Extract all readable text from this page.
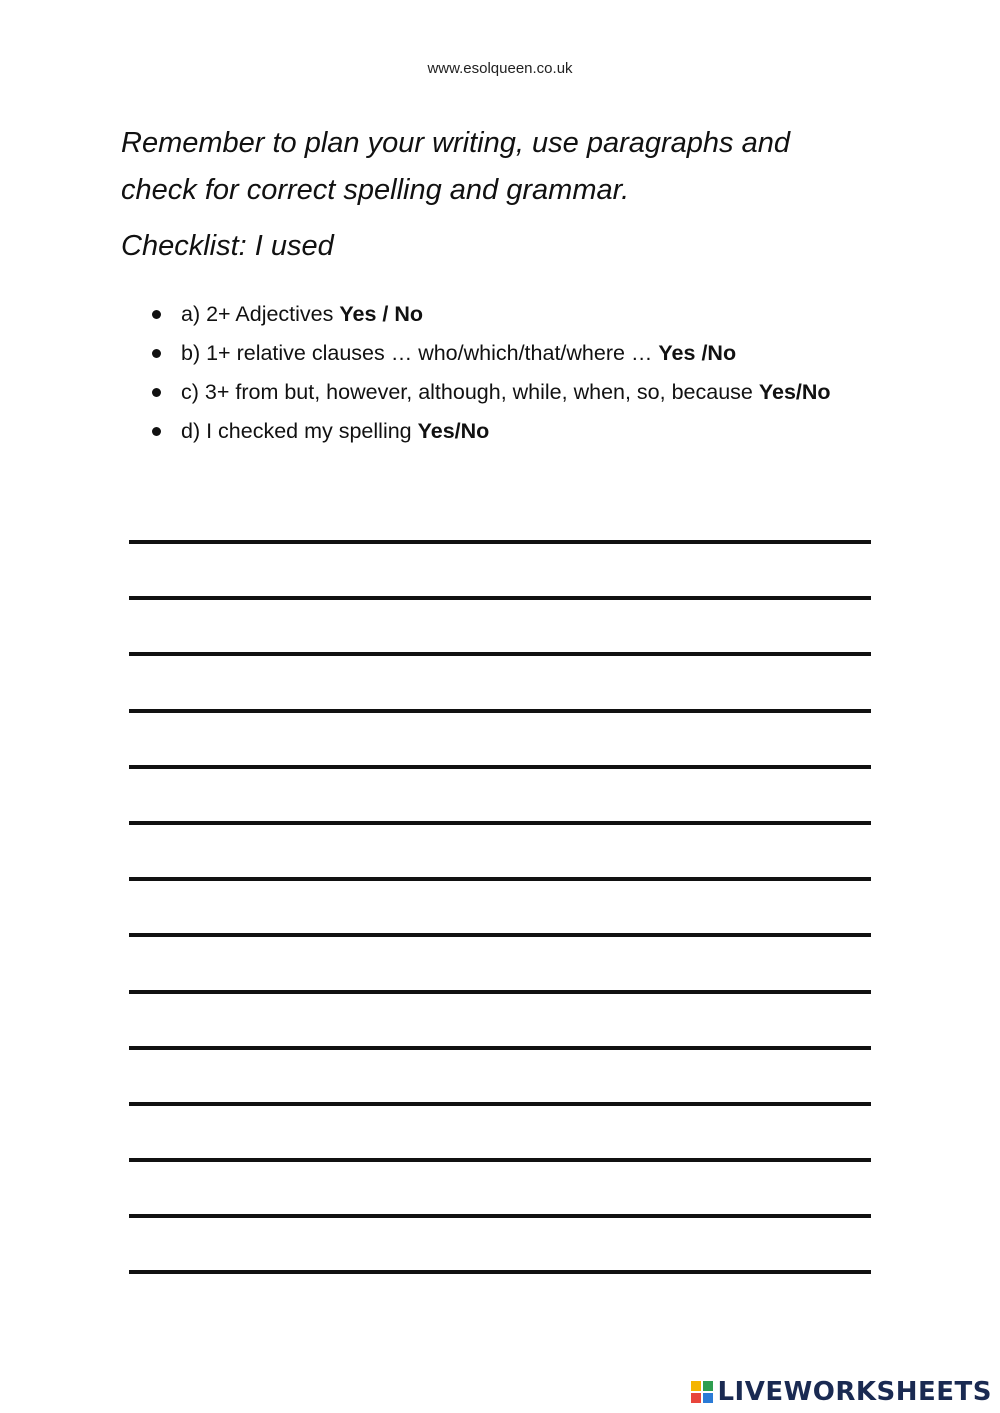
www.esolqueen.co.uk

Remember to plan your writing, use paragraphs and
check for correct spelling and grammar.

Checklist: I used

a) 2+ Adjectives Yes / No
b) 1+ relative clauses … who/which/that/where … Yes /No
c) 3+ from but, however, although, while, when, so, because Yes/No
d) I checked my spelling Yes/No
LIVEWORKSHEETS
